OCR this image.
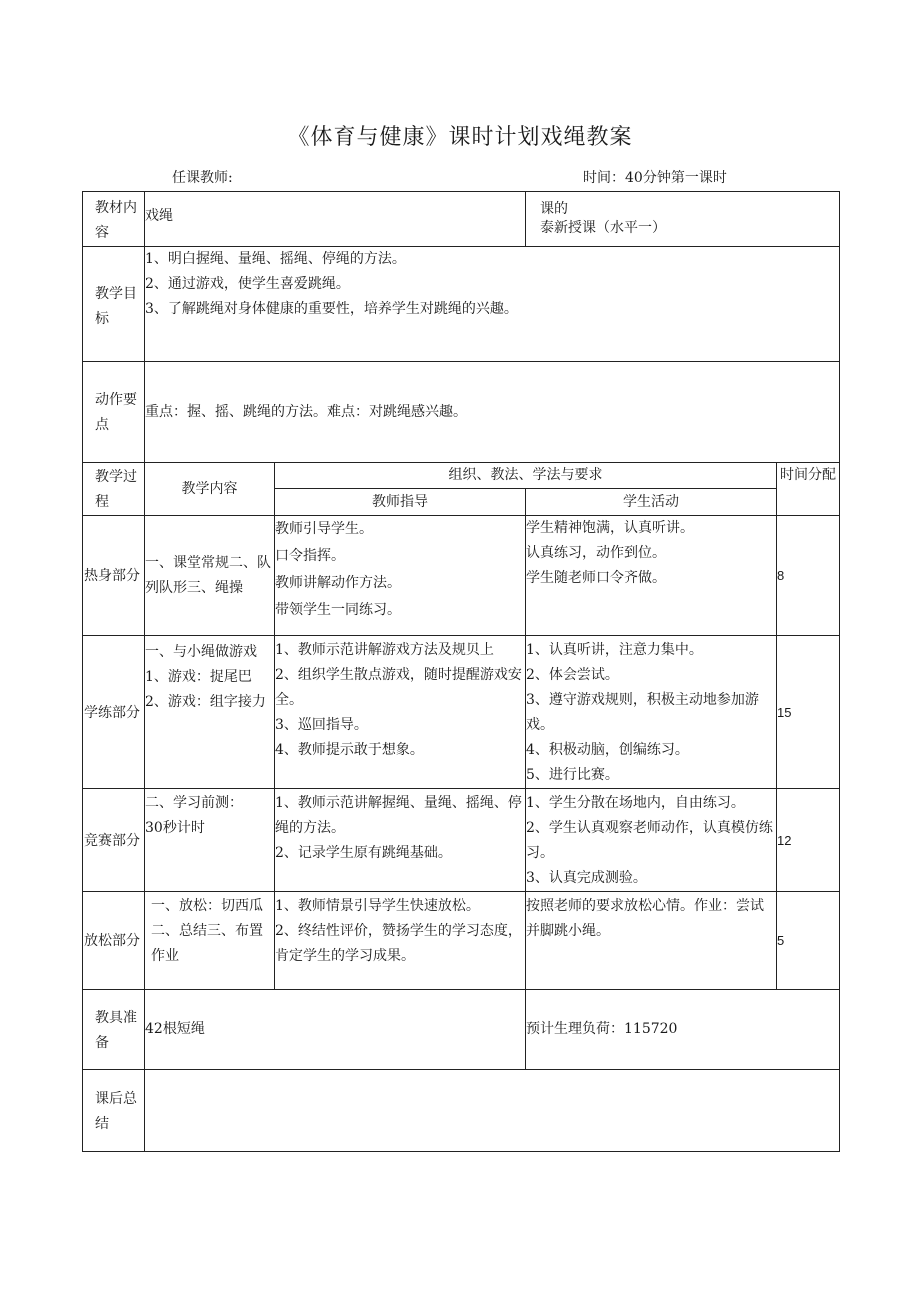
《体育与健康》课时计划戏绳教案
任课教师:	时间：40分钟第一课时
教材内容	戏绳		课的
泰新授课（水平一）	

教学目标	1、明白握绳、量绳、摇绳、停绳的方法。
2、通过游戏，使学生喜爱跳绳。
3、了解跳绳对身体健康的重要性，培养学生对跳绳的兴趣。			

动作要点	重点：握、摇、跳绳的方法。难点：对跳绳感兴趣。			
教学过程	教学内容	组织、教法、学法与要求		时间分配
		教师指导	学生活动	
热身部分	一、课堂常规二、队列队形三、绳操	教师引导学生。
口令指挥。
教师讲解动作方法。
带领学生一同练习。	学生精神饱满，认真听讲。
认真练习，动作到位。
学生随老师口令齐做。	8
学练部分	一、与小绳做游戏
1、游戏：捉尾巴
2、游戏：组字接力	1、教师示范讲解游戏方法及规贝上
2、组织学生散点游戏，随时提醒游戏安全。
3、巡回指导。
4、教师提示敢于想象。	1、认真听讲，注意力集中。
2、体会尝试。
3、遵守游戏规则，积极主动地参加游戏。
4、积极动脑，创编练习。
5、进行比赛。	15
竞赛部分	二、学习前测：
30秒计时	1、教师示范讲解握绳、量绳、摇绳、停绳的方法。
2、记录学生原有跳绳基础。	1、学生分散在场地内，自由练习。
2、学生认真观察老师动作，认真模仿练习。
3、认真完成测验。	12
放松部分	一、放松：切西瓜二、总结三、布置作业	1、教师情景引导学生快速放松。
2、终结性评价，赞扬学生的学习态度，肯定学生的学习成果。	按照老师的要求放松心情。作业：尝试并脚跳小绳。	5
教具准备	42根短绳		预计生理负荷：115720	
课后总结				
